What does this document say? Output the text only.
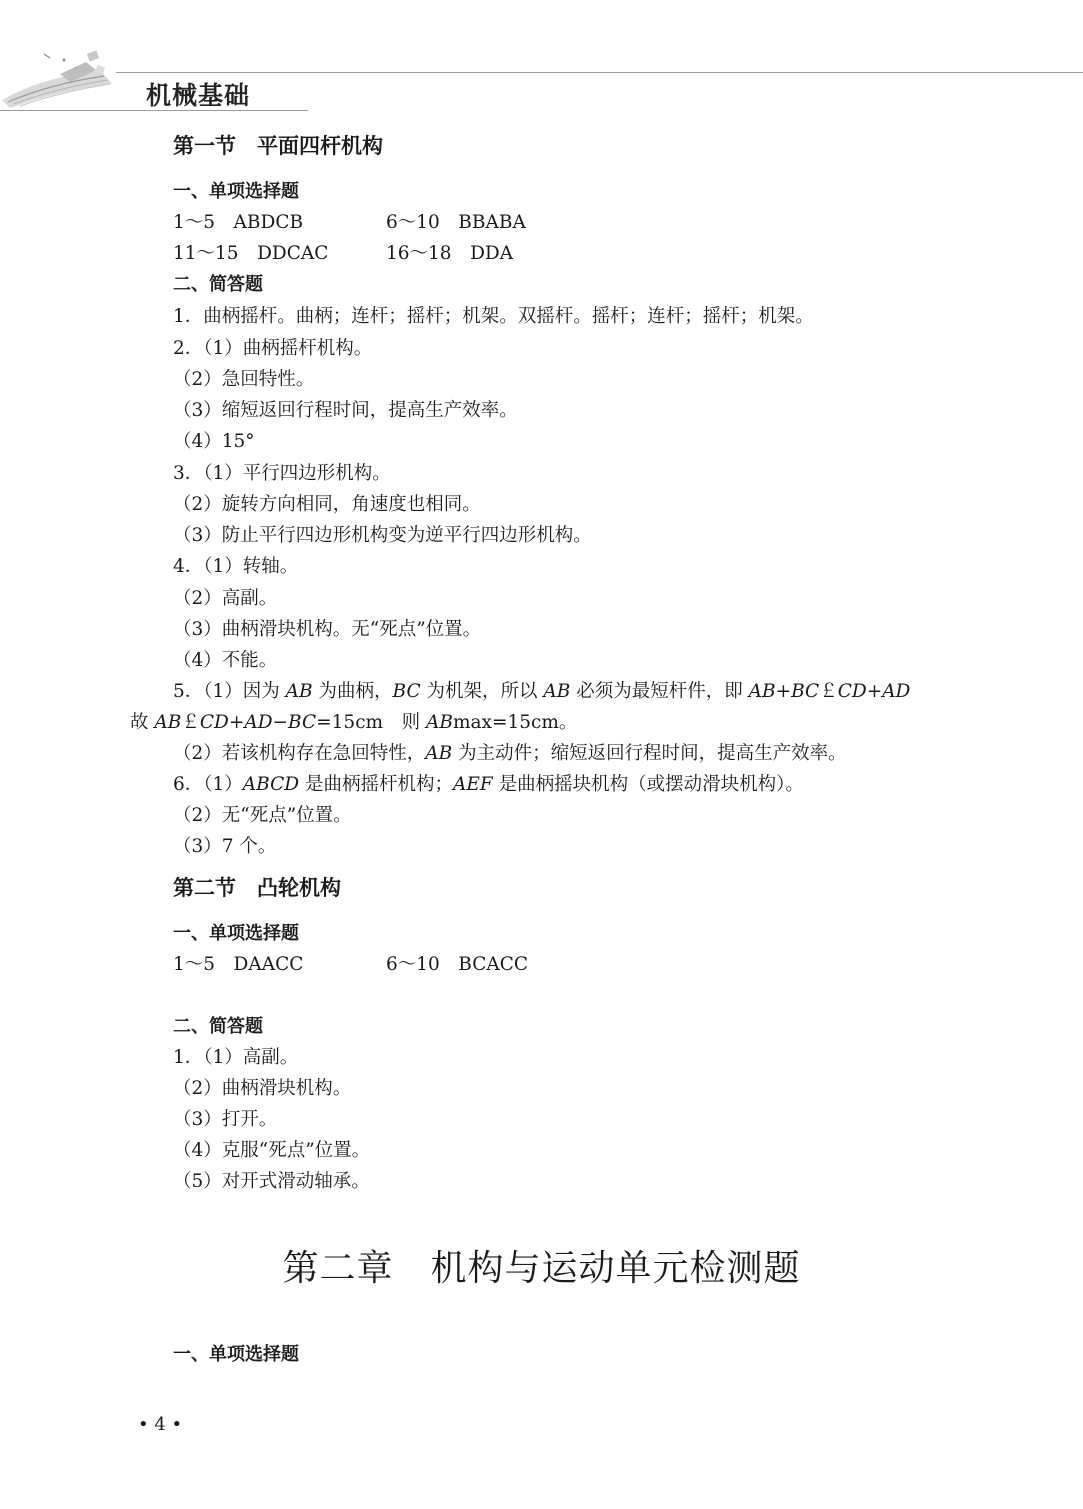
机械基础
第一节　平面四杆机构
一、单项选择题
1～5　ABDCB	6～10　BBABA
11～15　DDCAC	16～18　DDA
二、简答题
1．曲柄摇杆。曲柄；连杆；摇杆；机架。双摇杆。摇杆；连杆；摇杆；机架。
2．（1）曲柄摇杆机构。
（2）急回特性。
（3）缩短返回行程时间，提高生产效率。
（4）15°
3．（1）平行四边形机构。
（2）旋转方向相同，角速度也相同。
（3）防止平行四边形机构变为逆平行四边形机构。
4．（1）转轴。
（2）高副。
（3）曲柄滑块机构。无“死点”位置。
（4）不能。
5．（1）因为 AB 为曲柄，BC 为机架，所以 AB 必须为最短杆件，即 AB+BC￡CD+AD
故 AB￡CD+AD−BC=15cm　则 ABmax=15cm。
（2）若该机构存在急回特性，AB 为主动件；缩短返回行程时间，提高生产效率。
6．（1）ABCD 是曲柄摇杆机构；AEF 是曲柄摇块机构（或摆动滑块机构）。
（2）无“死点”位置。
（3）7 个。
第二节　凸轮机构
一、单项选择题
1～5　DAACC	6～10　BCACC
二、简答题
1．（1）高副。
（2）曲柄滑块机构。
（3）打开。
（4）克服“死点”位置。
（5）对开式滑动轴承。
第二章　机构与运动单元检测题
一、单项选择题
• 4 •
